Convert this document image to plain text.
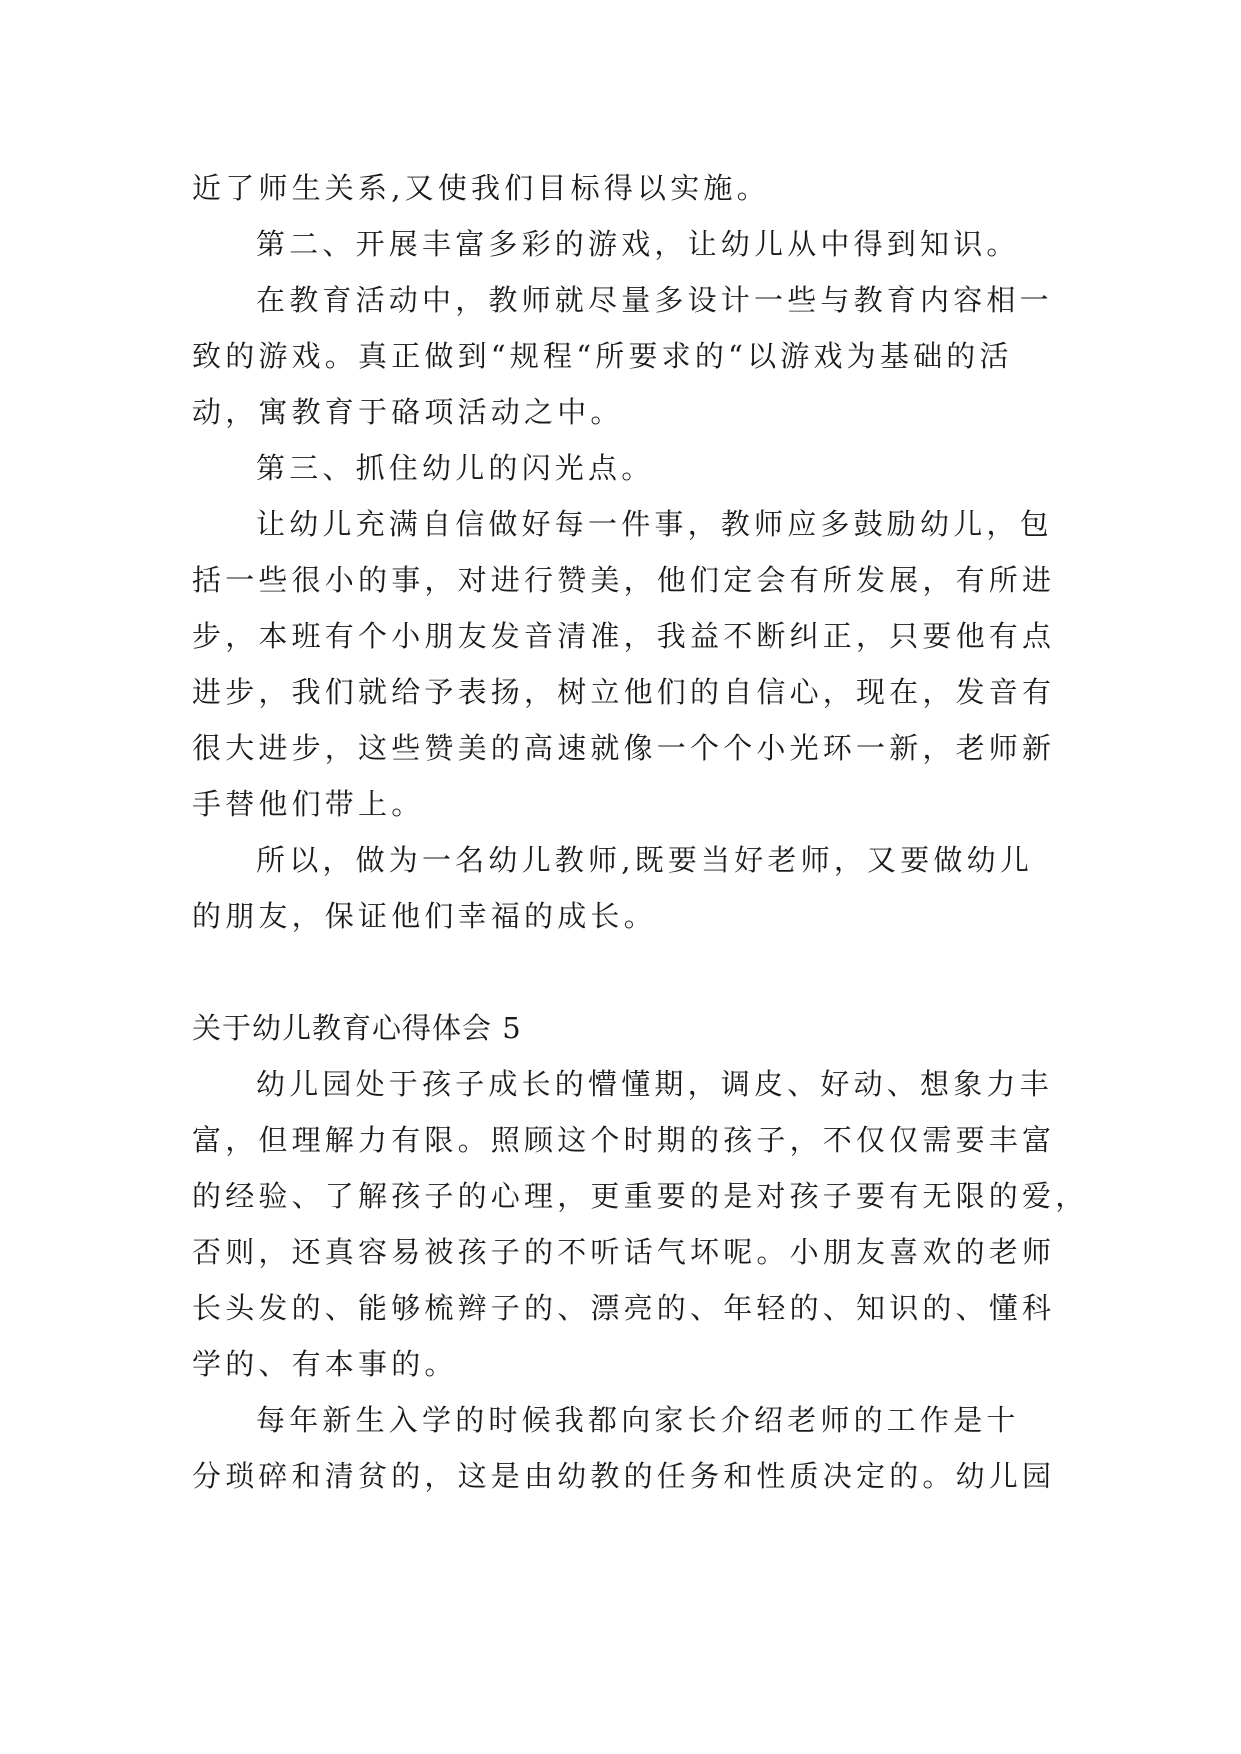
近了师生关系,又使我们目标得以实施。
第二、开展丰富多彩的游戏，让幼儿从中得到知识。
在教育活动中，教师就尽量多设计一些与教育内容相一
致的游戏。真正做到“规程“所要求的“以游戏为基础的活
动，寓教育于硌项活动之中。
第三、抓住幼儿的闪光点。
让幼儿充满自信做好每一件事，教师应多鼓励幼儿，包
括一些很小的事，对进行赞美，他们定会有所发展，有所进
步，本班有个小朋友发音清准，我益不断纠正，只要他有点
进步，我们就给予表扬，树立他们的自信心，现在，发音有
很大进步，这些赞美的高速就像一个个小光环一新，老师新
手替他们带上。
所以，做为一名幼儿教师,既要当好老师，又要做幼儿
的朋友，保证他们幸福的成长。
关于幼儿教育心得体会 5
幼儿园处于孩子成长的懵懂期，调皮、好动、想象力丰
富，但理解力有限。照顾这个时期的孩子，不仅仅需要丰富
的经验、了解孩子的心理，更重要的是对孩子要有无限的爱，
否则，还真容易被孩子的不听话气坏呢。小朋友喜欢的老师
长头发的、能够梳辫子的、漂亮的、年轻的、知识的、懂科
学的、有本事的。
每年新生入学的时候我都向家长介绍老师的工作是十
分琐碎和清贫的，这是由幼教的任务和性质决定的。幼儿园
